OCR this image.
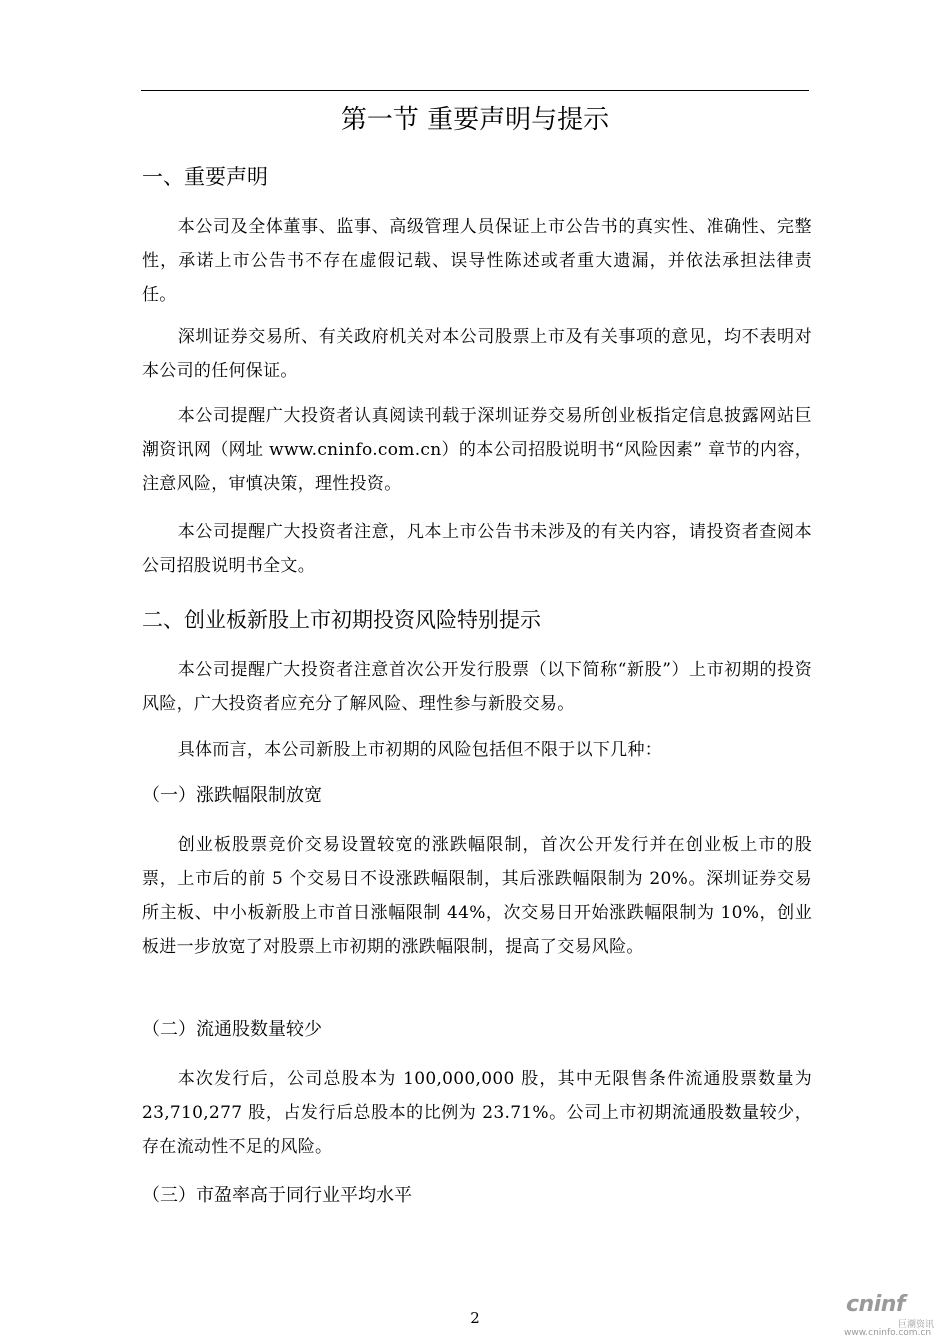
第一节 重要声明与提示
一、重要声明

本公司及全体董事、监事、高级管理人员保证上市公告书的真实性、准确性、完整性，承诺上市公告书不存在虚假记载、误导性陈述或者重大遗漏，并依法承担法律责任。

深圳证券交易所、有关政府机关对本公司股票上市及有关事项的意见，均不表明对本公司的任何保证。

本公司提醒广大投资者认真阅读刊载于深圳证券交易所创业板指定信息披露网站巨潮资讯网（网址 www.cninfo.com.cn）的本公司招股说明书“风险因素” 章节的内容，注意风险，审慎决策，理性投资。

本公司提醒广大投资者注意，凡本上市公告书未涉及的有关内容，请投资者查阅本公司招股说明书全文。

二、创业板新股上市初期投资风险特别提示

本公司提醒广大投资者注意首次公开发行股票（以下简称“新股”）上市初期的投资风险，广大投资者应充分了解风险、理性参与新股交易。

具体而言，本公司新股上市初期的风险包括但不限于以下几种：

（一）涨跌幅限制放宽

创业板股票竞价交易设置较宽的涨跌幅限制，首次公开发行并在创业板上市的股票，上市后的前 5 个交易日不设涨跌幅限制，其后涨跌幅限制为 20%。深圳证券交易所主板、中小板新股上市首日涨幅限制 44%，次交易日开始涨跌幅限制为 10%，创业板进一步放宽了对股票上市初期的涨跌幅限制，提高了交易风险。

（二）流通股数量较少

本次发行后，公司总股本为 100,000,000 股，其中无限售条件流通股票数量为 23,710,277 股，占发行后总股本的比例为 23.71%。公司上市初期流通股数量较少，存在流动性不足的风险。

（三）市盈率高于同行业平均水平
2
cninf
巨潮资讯
www.cninfo.com.cn
